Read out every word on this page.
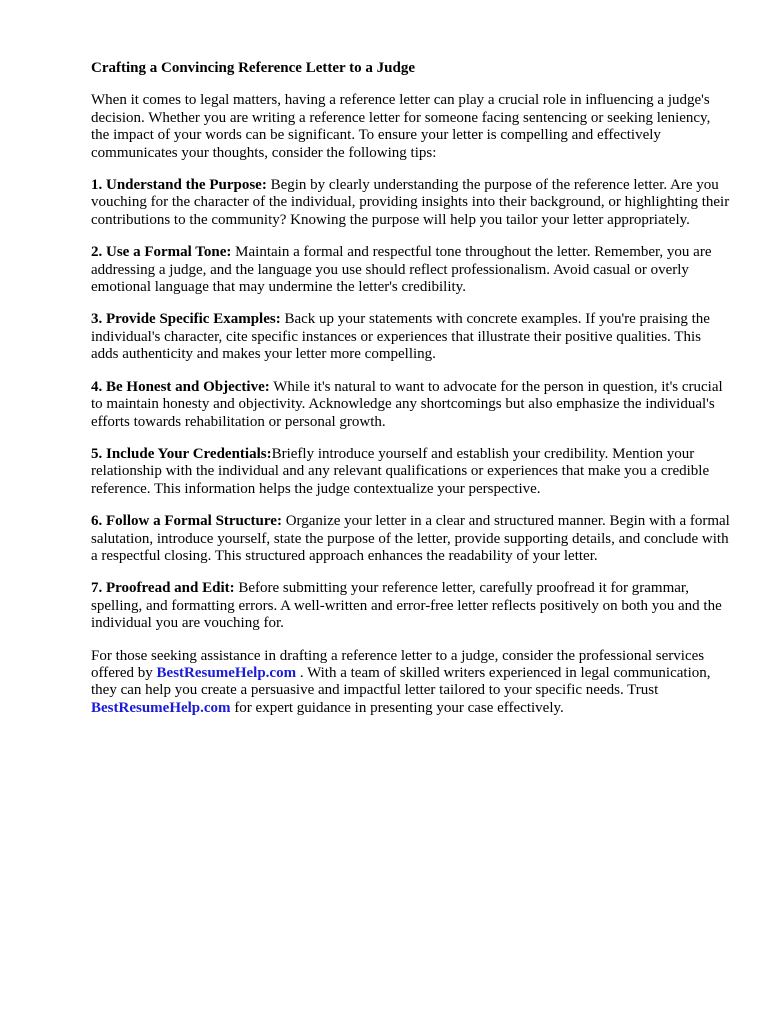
Crafting a Convincing Reference Letter to a Judge

When it comes to legal matters, having a reference letter can play a crucial role in influencing a judge's decision. Whether you are writing a reference letter for someone facing sentencing or seeking leniency, the impact of your words can be significant. To ensure your letter is compelling and effectively communicates your thoughts, consider the following tips:

1. Understand the Purpose: Begin by clearly understanding the purpose of the reference letter. Are you vouching for the character of the individual, providing insights into their background, or highlighting their contributions to the community? Knowing the purpose will help you tailor your letter appropriately.

2. Use a Formal Tone: Maintain a formal and respectful tone throughout the letter. Remember, you are addressing a judge, and the language you use should reflect professionalism. Avoid casual or overly emotional language that may undermine the letter's credibility.

3. Provide Specific Examples: Back up your statements with concrete examples. If you're praising the individual's character, cite specific instances or experiences that illustrate their positive qualities. This adds authenticity and makes your letter more compelling.

4. Be Honest and Objective: While it's natural to want to advocate for the person in question, it's crucial to maintain honesty and objectivity. Acknowledge any shortcomings but also emphasize the individual's efforts towards rehabilitation or personal growth.

5. Include Your Credentials:Briefly introduce yourself and establish your credibility. Mention your relationship with the individual and any relevant qualifications or experiences that make you a credible reference. This information helps the judge contextualize your perspective.

6. Follow a Formal Structure: Organize your letter in a clear and structured manner. Begin with a formal salutation, introduce yourself, state the purpose of the letter, provide supporting details, and conclude with a respectful closing. This structured approach enhances the readability of your letter.

7. Proofread and Edit: Before submitting your reference letter, carefully proofread it for grammar, spelling, and formatting errors. A well-written and error-free letter reflects positively on both you and the individual you are vouching for.

For those seeking assistance in drafting a reference letter to a judge, consider the professional services offered by BestResumeHelp.com . With a team of skilled writers experienced in legal communication, they can help you create a persuasive and impactful letter tailored to your specific needs. Trust BestResumeHelp.com for expert guidance in presenting your case effectively.
